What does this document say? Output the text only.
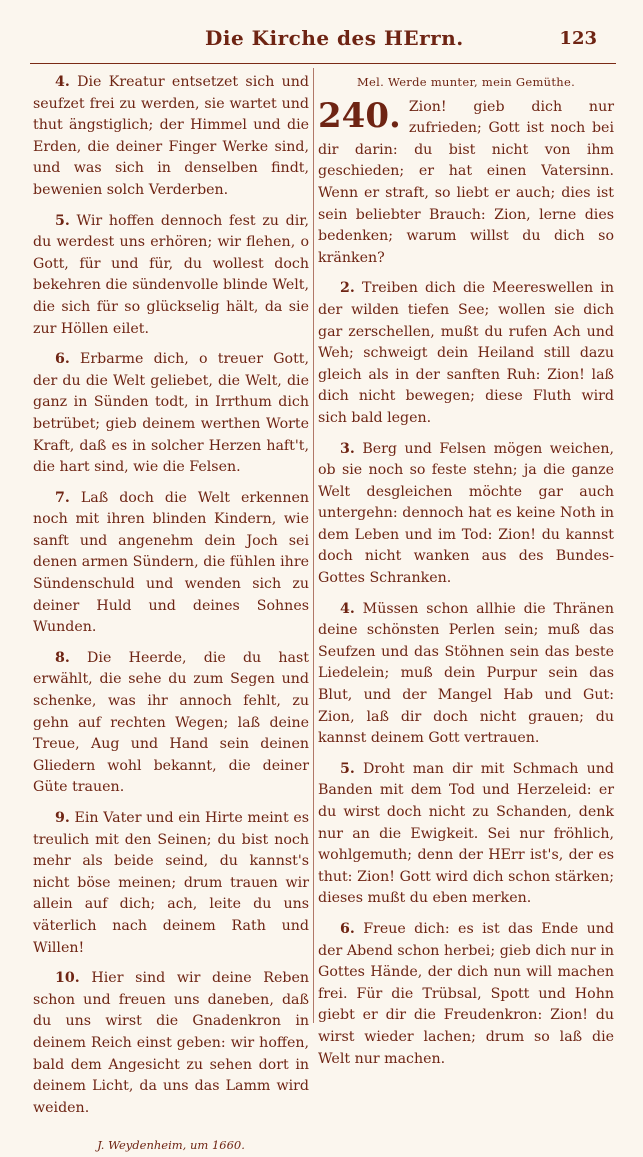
Die Kirche des HErrn.	123

4. Die Kreatur entsetzet sich und seufzet frei zu werden, sie wartet und thut ängstiglich; der Himmel und die Erden, die deiner Finger Werke sind, und was sich in denselben findt, bewenien solch Verderben.

5. Wir hoffen dennoch fest zu dir, du werdest uns erhören; wir flehen, o Gott, für und für, du wollest doch bekehren die sündenvolle blinde Welt, die sich für so glückselig hält, da sie zur Höllen eilet.

6. Erbarme dich, o treuer Gott, der du die Welt geliebet, die Welt, die ganz in Sünden todt, in Irrthum dich betrübet; gieb deinem werthen Worte Kraft, daß es in solcher Herzen haft't, die hart sind, wie die Felsen.

7. Laß doch die Welt erkennen noch mit ihren blinden Kindern, wie sanft und angenehm dein Joch sei denen armen Sündern, die fühlen ihre Sündenschuld und wenden sich zu deiner Huld und deines Sohnes Wunden.

8. Die Heerde, die du hast erwählt, die sehe du zum Segen und schenke, was ihr annoch fehlt, zu gehn auf rechten Wegen; laß deine Treue, Aug und Hand sein deinen Gliedern wohl bekannt, die deiner Güte trauen.

9. Ein Vater und ein Hirte meint es treulich mit den Seinen; du bist noch mehr als beide seind, du kannst's nicht böse meinen; drum trauen wir allein auf dich; ach, leite du uns väterlich nach deinem Rath und Willen!

10. Hier sind wir deine Reben schon und freuen uns daneben, daß du uns wirst die Gnadenkron in deinem Reich einst geben: wir hoffen, bald dem Angesicht zu sehen dort in deinem Licht, da uns das Lamm wird weiden.

J. Weydenheim, um 1660.
Mel. Werde munter, mein Gemüthe.

240. Zion! gieb dich nur zufrieden; Gott ist noch bei dir darin: du bist nicht von ihm geschieden; er hat einen Vatersinn. Wenn er straft, so liebt er auch; dies ist sein beliebter Brauch: Zion, lerne dies bedenken; warum willst du dich so kränken?

2. Treiben dich die Meereswellen in der wilden tiefen See; wollen sie dich gar zerschellen, mußt du rufen Ach und Weh; schweigt dein Heiland still dazu gleich als in der sanften Ruh: Zion! laß dich nicht bewegen; diese Fluth wird sich bald legen.

3. Berg und Felsen mögen weichen, ob sie noch so feste stehn; ja die ganze Welt desgleichen möchte gar auch untergehn: dennoch hat es keine Noth in dem Leben und im Tod: Zion! du kannst doch nicht wanken aus des Bundes-Gottes Schranken.

4. Müssen schon allhie die Thränen deine schönsten Perlen sein; muß das Seufzen und das Stöhnen sein das beste Liedelein; muß dein Purpur sein das Blut, und der Mangel Hab und Gut: Zion, laß dir doch nicht grauen; du kannst deinem Gott vertrauen.

5. Droht man dir mit Schmach und Banden mit dem Tod und Herzeleid: er du wirst doch nicht zu Schanden, denk nur an die Ewigkeit. Sei nur fröhlich, wohlgemuth; denn der HErr ist's, der es thut: Zion! Gott wird dich schon stärken; dieses mußt du eben merken.

6. Freue dich: es ist das Ende und der Abend schon herbei; gieb dich nur in Gottes Hände, der dich nun will machen frei. Für die Trübsal, Spott und Hohn giebt er dir die Freudenkron: Zion! du wirst wieder lachen; drum so laß die Welt nur machen.
